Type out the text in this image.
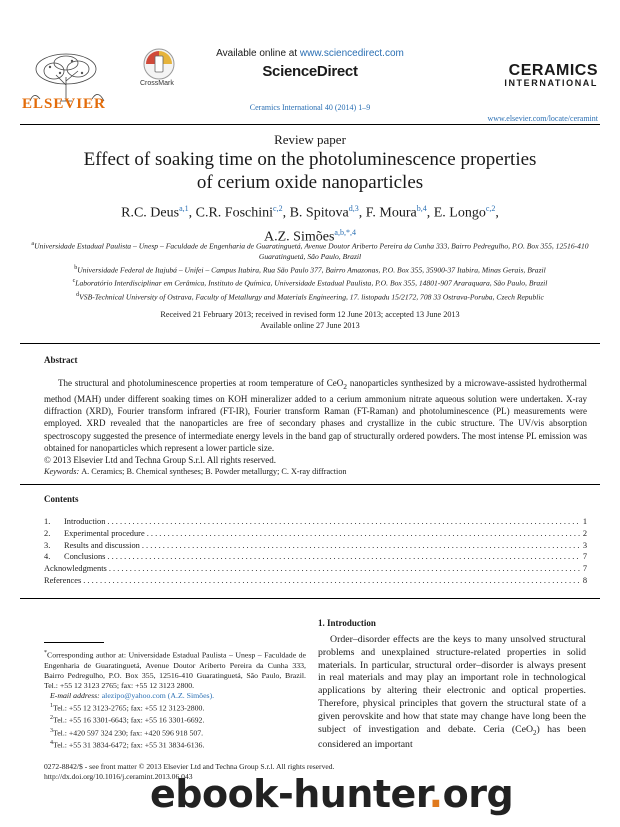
ELSEVIER
CrossMark
Available online at www.sciencedirect.com
ScienceDirect
Ceramics International 40 (2014) 1–9
CERAMICS
INTERNATIONAL
www.elsevier.com/locate/ceramint
Review paper
Effect of soaking time on the photoluminescence properties
of cerium oxide nanoparticles
R.C. Deus$^{a,1}$, C.R. Foschini$^{c,2}$, B. Spitova$^{d,3}$, F. Moura$^{b,4}$, E. Longo$^{c,2}$,
A.Z. Simões$^{a,b,*,4}$
$^a$Universidade Estadual Paulista – Unesp – Faculdade de Engenharia de Guaratinguetá, Avenue Doutor Ariberto Pereira da Cunha 333, Bairro Pedregulho, P.O. Box 355, 12516-410 Guaratinguetá, São Paulo, Brazil
$^b$Universidade Federal de Itajubá – Unifei – Campus Itabira, Rua São Paulo 377, Bairro Amazonas, P.O. Box 355, 35900-37 Itabira, Minas Gerais, Brazil
$^c$Laboratório Interdisciplinar em Cerâmica, Instituto de Química, Universidade Estadual Paulista, P.O. Box 355, 14801-907 Araraquara, São Paulo, Brazil
$^d$VSB-Technical University of Ostrava, Faculty of Metallurgy and Materials Engineering, 17. listopadu 15/2172, 708 33 Ostrava-Poruba, Czech Republic
Received 21 February 2013; received in revised form 12 June 2013; accepted 13 June 2013
Available online 27 June 2013
Abstract
The structural and photoluminescence properties at room temperature of CeO$_2$ nanoparticles synthesized by a microwave-assisted hydrothermal method (MAH) under different soaking times on KOH mineralizer added to a cerium ammonium nitrate aqueous solution were undertaken. X-ray diffraction (XRD), Fourier transform infrared (FT-IR), Fourier transform Raman (FT-Raman) and photoluminescence (PL) measurements were employed. XRD revealed that the nanoparticles are free of secondary phases and crystallize in the cubic structure. The UV/vis absorption spectroscopy suggested the presence of intermediate energy levels in the band gap of structurally ordered powders. The most intense PL emission was obtained for nanoparticles which represent a lower particle size.
© 2013 Elsevier Ltd and Techna Group S.r.l. All rights reserved.
Keywords: A. Ceramics; B. Chemical syntheses; B. Powder metallurgy; C. X-ray diffraction
Contents
1.	Introduction . . .	1
2.	Experimental procedure . . .	2
3.	Results and discussion . . .	3
4.	Conclusions . . .	7
Acknowledgments . . .	7
References . . .	8
1. Introduction
Order–disorder effects are the keys to many unsolved structural problems and unexplained structure-related properties in solid materials. In particular, structural order–disorder is always present in real materials and may play an important role in technological applications by altering their electronic and optical properties. Therefore, physical principles that govern the structural state of a given perovskite and how that state may change have long been the subject of investigation and debate. Ceria (CeO$_2$) has been considered an important
*Corresponding author at: Universidade Estadual Paulista – Unesp – Faculdade de Engenharia de Guaratinguetá, Avenue Doutor Ariberto Pereira da Cunha 333, Bairro Pedregulho, P.O. Box 355, 12516-410 Guaratinguetá, São Paulo, Brazil. Tel.: +55 12 3123 2765; fax: +55 12 3123 2800.
E-mail address: alezipo@yahoo.com (A.Z. Simões).
$^1$Tel.: +55 12 3123-2765; fax: +55 12 3123-2800.
$^2$Tel.: +55 16 3301-6643; fax: +55 16 3301-6692.
$^3$Tel.: +420 597 324 230; fax: +420 596 918 507.
$^4$Tel.: +55 31 3834-6472; fax: +55 31 3834-6136.
0272-8842/$ - see front matter © 2013 Elsevier Ltd and Techna Group S.r.l. All rights reserved.
http://dx.doi.org/10.1016/j.ceramint.2013.06.043
ebook-hunter.org
